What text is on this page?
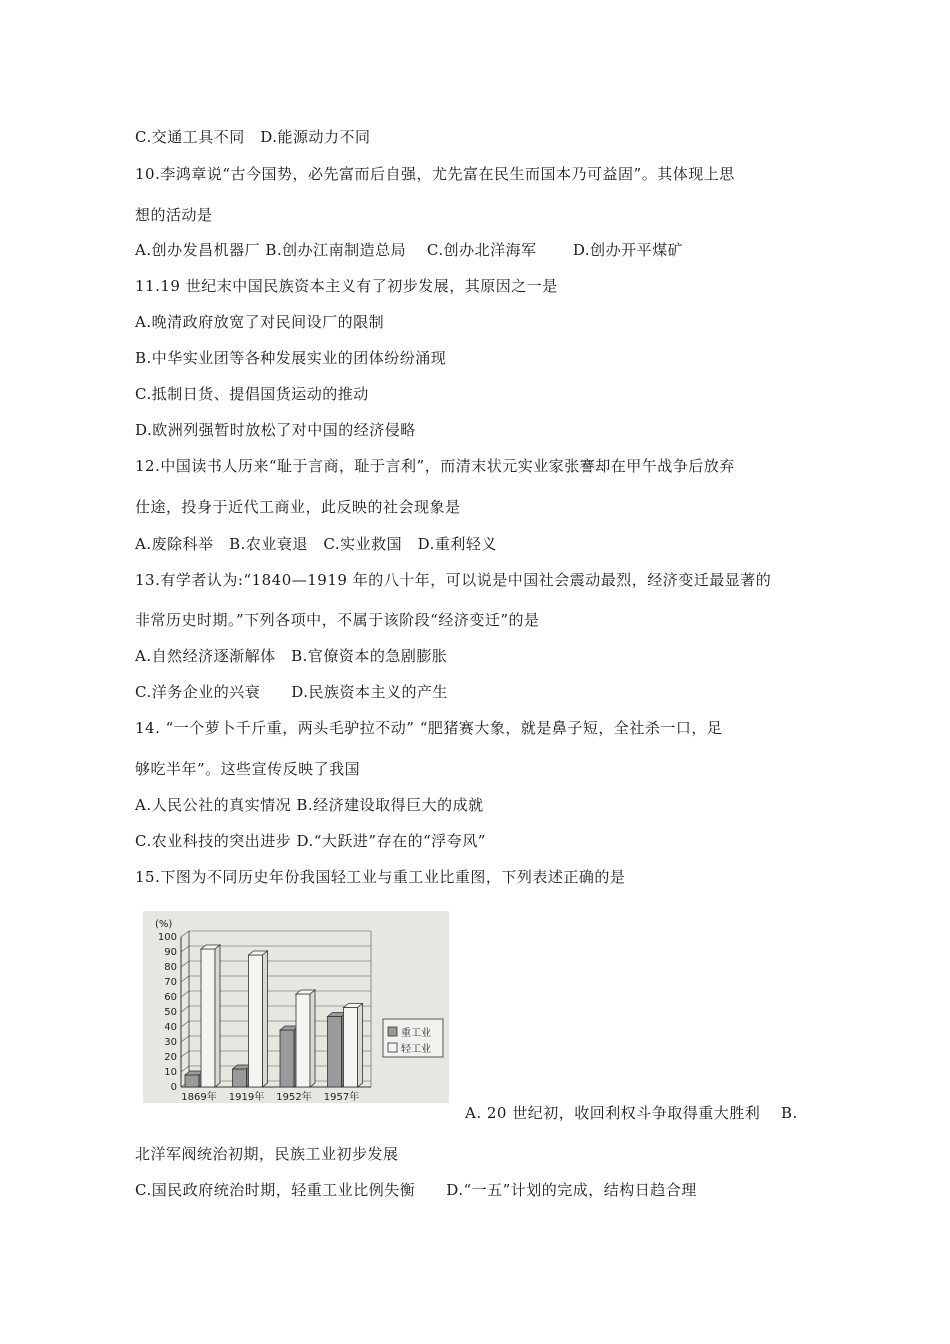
C.交通工具不同　D.能源动力不同
10.李鸿章说“古今国势，必先富而后自强，尤先富在民生而国本乃可益固”。其体现上思
想的活动是
A.创办发昌机器厂 B.创办江南制造总局　 C.创办北洋海军　　 D.创办开平煤矿
11.19 世纪末中国民族资本主义有了初步发展，其原因之一是
A.晚清政府放宽了对民间设厂的限制
B.中华实业团等各种发展实业的团体纷纷涌现
C.抵制日货、提倡国货运动的推动
D.欧洲列强暂时放松了对中国的经济侵略
12.中国读书人历来“耻于言商，耻于言利”，而清末状元实业家张謇却在甲午战争后放弃
仕途，投身于近代工商业，此反映的社会现象是
A.废除科举　B.农业衰退　C.实业救国　D.重利轻义
13.有学者认为:“1840—1919 年的八十年，可以说是中国社会震动最烈，经济变迁最显著的
非常历史时期。”下列各项中，不属于该阶段“经济变迁”的是
A.自然经济逐渐解体　B.官僚资本的急剧膨胀
C.洋务企业的兴衰　　D.民族资本主义的产生
14. “一个萝卜千斤重，两头毛驴拉不动” “肥猪赛大象，就是鼻子短，全社杀一口，足
够吃半年”。这些宣传反映了我国
A.人民公社的真实情况 B.经济建设取得巨大的成就
C.农业科技的突出进步 D.“大跃进”存在的“浮夸风”
15.下图为不同历史年份我国轻工业与重工业比重图，下列表述正确的是
(%)
0
10
20
30
40
50
60
70
80
90
100
1869年 1919年 1952年 1957年
重工业
轻工业
A. 20 世纪初，收回利权斗争取得重大胜利　 B.
北洋军阀统治初期，民族工业初步发展
C.国民政府统治时期，轻重工业比例失衡　　D.“一五”计划的完成，结构日趋合理
